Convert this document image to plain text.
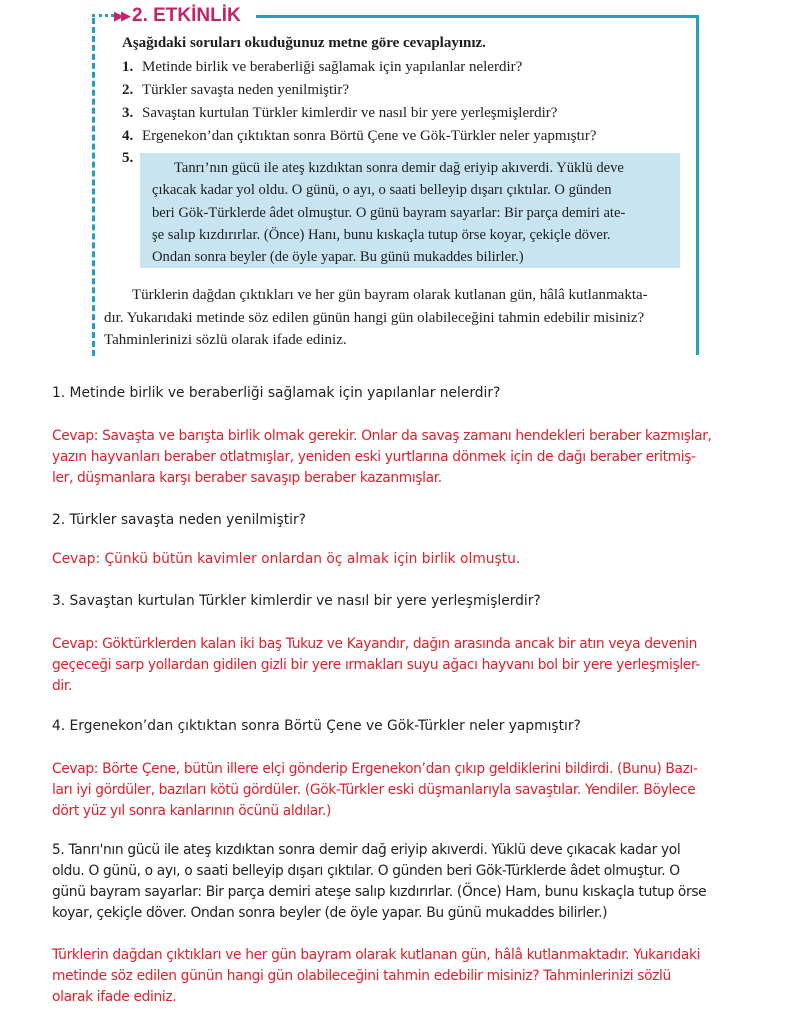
▶▶ 2. ETKİNLİK
Aşağıdaki soruları okuduğunuz metne göre cevaplayınız.
1. Metinde birlik ve beraberliği sağlamak için yapılanlar nelerdir?
2. Türkler savaşta neden yenilmiştir?
3. Savaştan kurtulan Türkler kimlerdir ve nasıl bir yere yerleşmişlerdir?
4. Ergenekon’dan çıktıktan sonra Börtü Çene ve Gök-Türkler neler yapmıştır?
5.
Tanrı’nın gücü ile ateş kızdıktan sonra demir dağ eriyip akıverdi. Yüklü deve
çıkacak kadar yol oldu. O günü, o ayı, o saati belleyip dışarı çıktılar. O günden
beri Gök-Türklerde âdet olmuştur. O günü bayram sayarlar: Bir parça demiri ate-
şe salıp kızdırırlar. (Önce) Hanı, bunu kıskaçla tutup örse koyar, çekiçle döver.
Ondan sonra beyler (de öyle yapar. Bu günü mukaddes bilirler.)
Türklerin dağdan çıktıkları ve her gün bayram olarak kutlanan gün, hâlâ kutlanmakta-
dır. Yukarıdaki metinde söz edilen günün hangi gün olabileceğini tahmin edebilir misiniz?
Tahminlerinizi sözlü olarak ifade ediniz.
1. Metinde birlik ve beraberliği sağlamak için yapılanlar nelerdir?
Cevap: Savaşta ve barışta birlik olmak gerekir. Onlar da savaş zamanı hendekleri beraber kazmışlar,
yazın hayvanları beraber otlatmışlar, yeniden eski yurtlarına dönmek için de dağı beraber eritmiş-
ler, düşmanlara karşı beraber savaşıp beraber kazanmışlar.
2. Türkler savaşta neden yenilmiştir?
Cevap: Çünkü bütün kavimler onlardan öç almak için birlik olmuştu.
3. Savaştan kurtulan Türkler kimlerdir ve nasıl bir yere yerleşmişlerdir?
Cevap: Göktürklerden kalan iki baş Tukuz ve Kayandır, dağın arasında ancak bir atın veya devenin
geçeceği sarp yollardan gidilen gizli bir yere ırmakları suyu ağacı hayvanı bol bir yere yerleşmişler-
dir.
4. Ergenekon’dan çıktıktan sonra Börtü Çene ve Gök-Türkler neler yapmıştır?
Cevap: Börte Çene, bütün illere elçi gönderip Ergenekon’dan çıkıp geldiklerini bildirdi. (Bunu) Bazı-
ları iyi gördüler, bazıları kötü gördüler. (Gök-Türkler eski düşmanlarıyla savaştılar. Yendiler. Böylece
dört yüz yıl sonra kanlarının öcünü aldılar.)
5. Tanrı'nın gücü ile ateş kızdıktan sonra demir dağ eriyip akıverdi. Yüklü deve çıkacak kadar yol
oldu. O günü, o ayı, o saati belleyip dışarı çıktılar. O günden beri Gök-Türklerde âdet olmuştur. O
günü bayram sayarlar: Bir parça demiri ateşe salıp kızdırırlar. (Önce) Ham, bunu kıskaçla tutup örse
koyar, çekiçle döver. Ondan sonra beyler (de öyle yapar. Bu günü mukaddes bilirler.)
Türklerin dağdan çıktıkları ve her gün bayram olarak kutlanan gün, hâlâ kutlanmaktadır. Yukarıdaki
metinde söz edilen günün hangi gün olabileceğini tahmin edebilir misiniz? Tahminlerinizi sözlü
olarak ifade ediniz.
